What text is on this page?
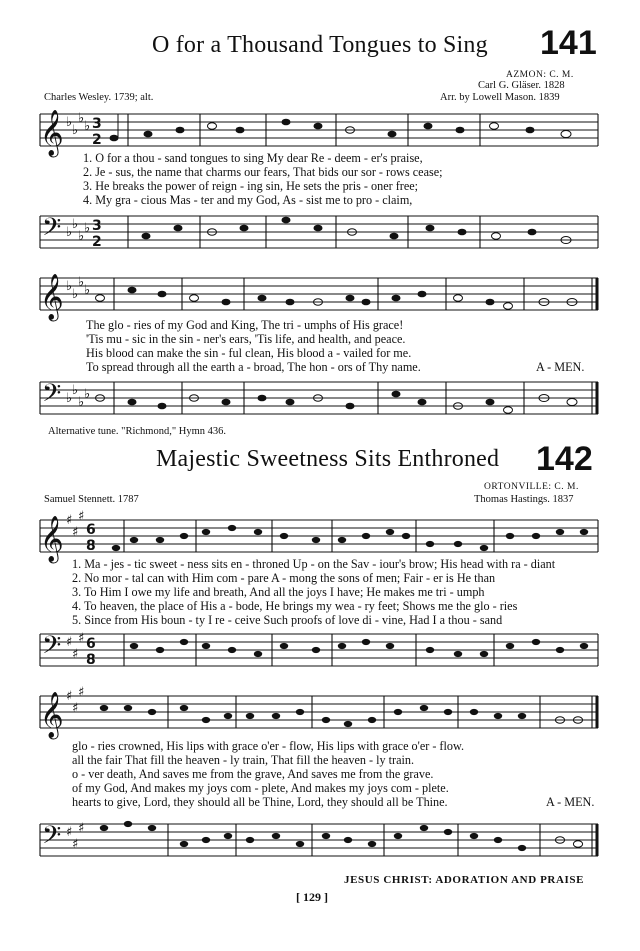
O for a Thousand Tongues to Sing 141
AZMON: C. M.
Carl G. Gläser. 1828
Charles Wesley. 1739; alt.	Arr. by Lowell Mason. 1839
𝄞 ♭
♭
♭
♭ 3
2
1. O for a thou - sand tongues to sing My dear Re - deem - er's praise,
2. Je - sus, the name that charms our fears, That bids our sor - rows cease;
3. He breaks the power of reign - ing sin, He sets the pris - oner free;
4. My gra - cious Mas - ter and my God, As - sist me to pro - claim,
𝄢 ♭
♭
♭
♭ 3
2
𝄞 ♭
♭
♭
♭
The glo - ries of my God and King, The tri - umphs of His grace!
'Tis mu - sic in the sin - ner's ears, 'Tis life, and health, and peace.
His blood can make the sin - ful clean, His blood a - vailed for me.
To spread through all the earth a - broad, The hon - ors of Thy name.	A - MEN.
𝄢 ♭
♭
♭
♭
Alternative tune. "Richmond," Hymn 436.
Majestic Sweetness Sits Enthroned 142
ORTONVILLE: C. M.
Samuel Stennett. 1787	Thomas Hastings. 1837
𝄞 ♯
♯
♯
6
8
1. Ma - jes - tic sweet - ness sits en - throned Up - on the Sav - iour's brow; His head with ra - diant
2. No mor - tal can with Him com - pare A - mong the sons of men; Fair - er is He than
3. To Him I owe my life and breath, And all the joys I have; He makes me tri - umph
4. To heaven, the place of His a - bode, He brings my wea - ry feet; Shows me the glo - ries
5. Since from His boun - ty I re - ceive Such proofs of love di - vine, Had I a thou - sand
𝄢 ♯
♯
♯ 6
8
𝄞 ♯
♯
♯
glo - ries crowned, His lips with grace o'er - flow, His lips with grace o'er - flow.
all the fair That fill the heaven - ly train, That fill the heaven - ly train.
o - ver death, And saves me from the grave, And saves me from the grave.
of my God, And makes my joys com - plete, And makes my joys com - plete.
hearts to give, Lord, they should all be Thine, Lord, they should all be Thine.	A - MEN.
𝄢 ♯
♯
♯
JESUS CHRIST: ADORATION AND PRAISE
[ 129 ]
